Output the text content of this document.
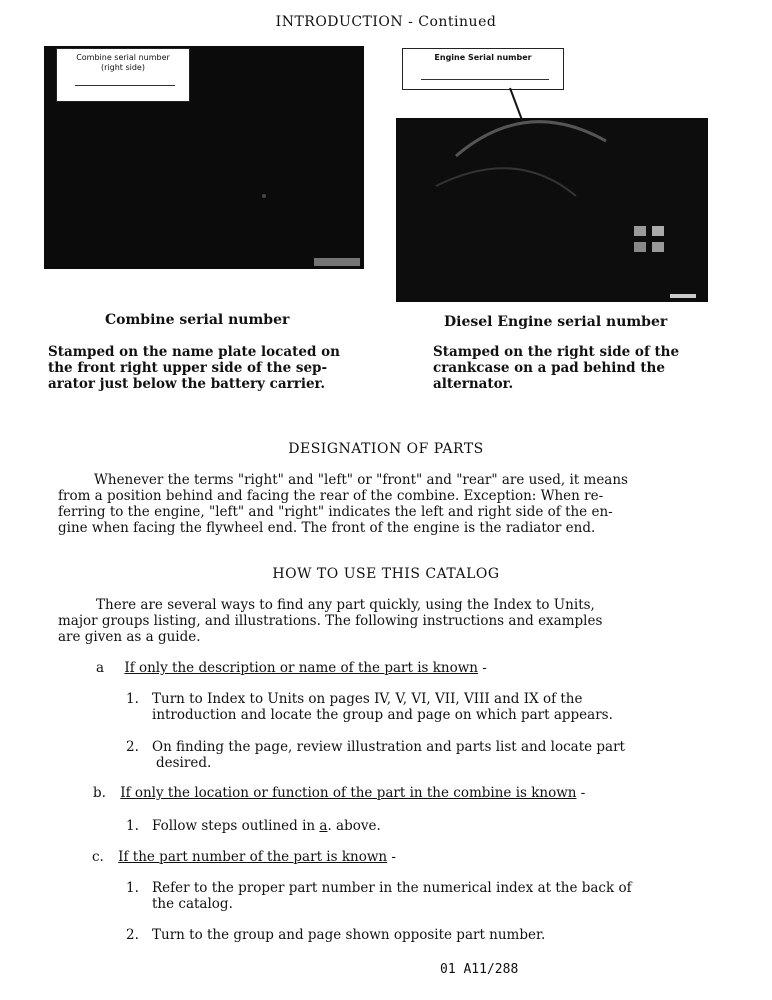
INTRODUCTION - Continued
Combine serial number
(right side)
Engine Serial number
Combine serial number
Stamped on the name plate located on
the front right upper side of the sep-
arator just below the battery carrier.
Diesel Engine serial number
Stamped on the right side of the
crankcase on a pad behind the
alternator.
DESIGNATION OF PARTS
Whenever the terms "right" and "left" or "front" and "rear" are used, it means
from a position behind and facing the rear of the combine. Exception: When re-
ferring to the engine, "left" and "right" indicates the left and right side of the en-
gine when facing the flywheel end. The front of the engine is the radiator end.
HOW TO USE THIS CATALOG
There are several ways to find any part quickly, using the Index to Units,
major groups listing, and illustrations. The following instructions and examples
are given as a guide.
a If only the description or name of the part is known -
1. Turn to Index to Units on pages IV, V, VI, VII, VIII and IX of the
introduction and locate the group and page on which part appears.
2. On finding the page, review illustration and parts list and locate part
desired.
b. If only the location or function of the part in the combine is known -
1. Follow steps outlined in a. above.
c. If the part number of the part is known -
1. Refer to the proper part number in the numerical index at the back of
the catalog.
2. Turn to the group and page shown opposite part number.
01 A11/288
